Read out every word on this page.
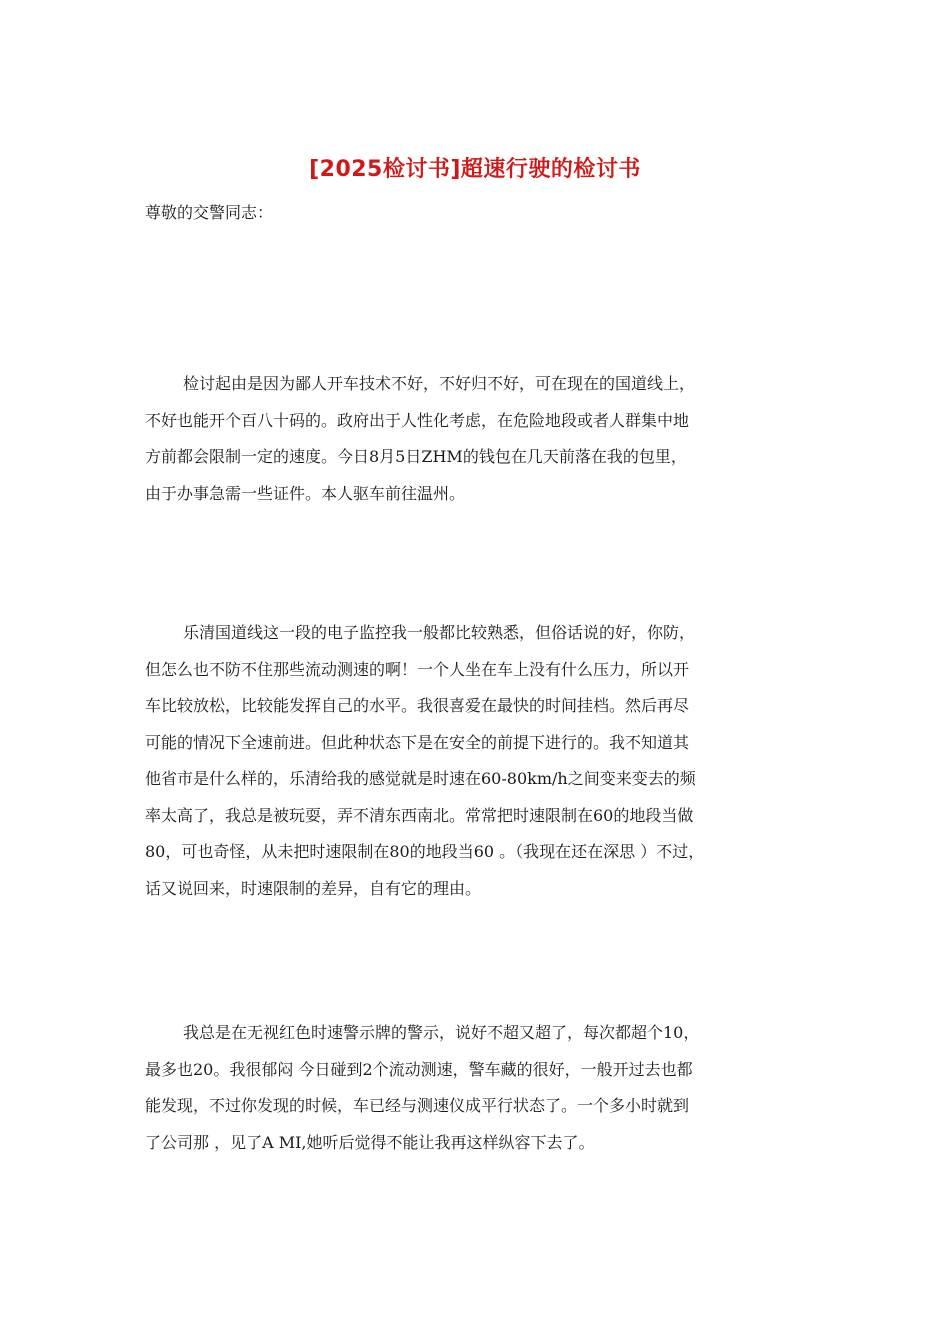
[2025检讨书]超速行驶的检讨书

尊敬的交警同志：

检讨起由是因为鄙人开车技术不好，不好归不好，可在现在的国道线上，
不好也能开个百八十码的。政府出于人性化考虑，在危险地段或者人群集中地
方前都会限制一定的速度。今日8月5日ZHM的钱包在几天前落在我的包里，
由于办事急需一些证件。本人驱车前往温州。
乐清国道线这一段的电子监控我一般都比较熟悉，但俗话说的好，你防，
但怎么也不防不住那些流动测速的啊！一个人坐在车上没有什么压力，所以开
车比较放松，比较能发挥自己的水平。我很喜爱在最快的时间挂档。然后再尽
可能的情况下全速前进。但此种状态下是在安全的前提下进行的。我不知道其
他省市是什么样的，乐清给我的感觉就是时速在60-80km/h之间变来变去的频
率太高了，我总是被玩耍，弄不清东西南北。常常把时速限制在60的地段当做
80，可也奇怪，从未把时速限制在80的地段当60 。（我现在还在深思 ）不过，
话又说回来，时速限制的差异，自有它的理由。
我总是在无视红色时速警示牌的警示，说好不超又超了，每次都超个10，
最多也20。我很郁闷 今日碰到2个流动测速，警车藏的很好，一般开过去也都
能发现，不过你发现的时候，车已经与测速仪成平行状态了。一个多小时就到
了公司那 ，见了A MI,她听后觉得不能让我再这样纵容下去了。
